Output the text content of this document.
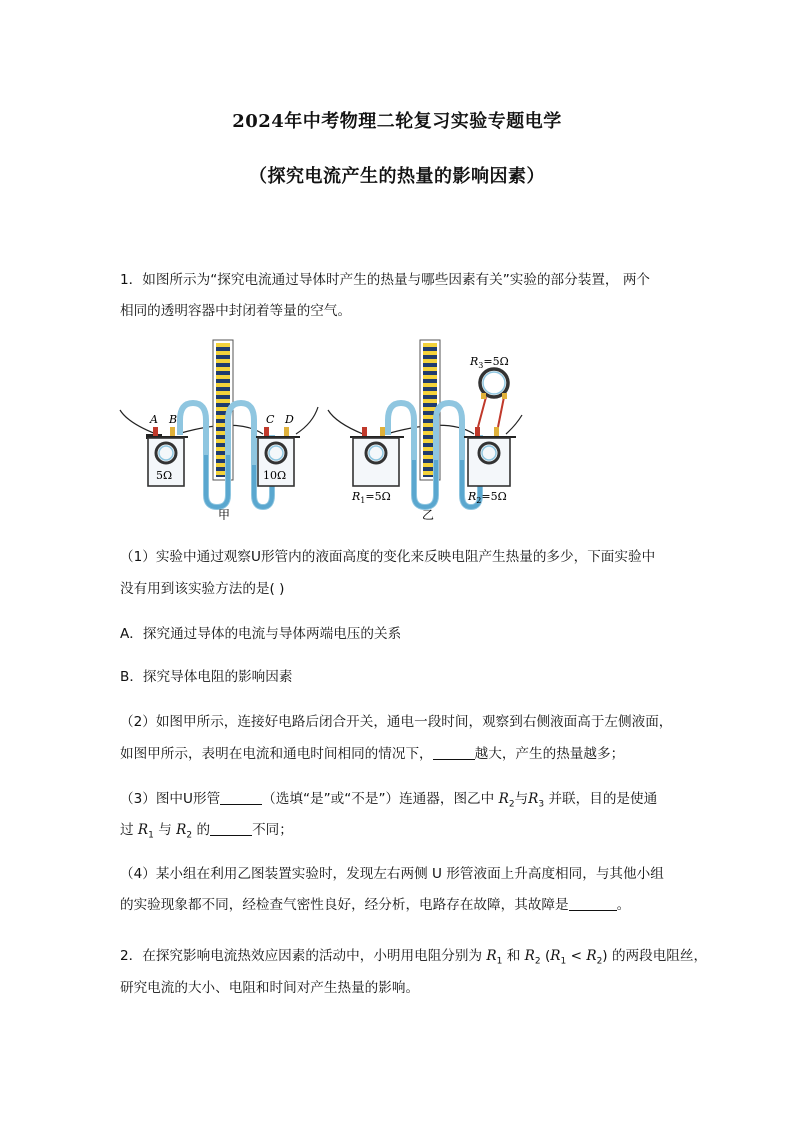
2024年中考物理二轮复习实验专题电学
（探究电流产生的热量的影响因素）
1．如图所示为“探究电流通过导体时产生的热量与哪些因素有关”实验的部分装置， 两个
相同的透明容器中封闭着等量的空气。
A B	C D
5Ω	10Ω
甲
$R_3=5\Omega$
$R_1=5\Omega$	$R_2=5\Omega$
乙
（1）实验中通过观察U形管内的液面高度的变化来反映电阻产生热量的多少，下面实验中
没有用到该实验方法的是( )
A．探究通过导体的电流与导体两端电压的关系
B．探究导体电阻的影响因素
（2）如图甲所示，连接好电路后闭合开关，通电一段时间，观察到右侧液面高于左侧液面，
如图甲所示，表明在电流和通电时间相同的情况下，	越大，产生的热量越多；
（3）图中U形管	（选填“是”或“不是”）连通器，图乙中 $R_2$与$R_3$ 并联，目的是使通
过 $R_1$ 与 $R_2$ 的	不同；
（4）某小组在利用乙图装置实验时，发现左右两侧 U 形管液面上升高度相同，与其他小组
的实验现象都不同，经检查气密性良好，经分析，电路存在故障，其故障是	。
2．在探究影响电流热效应因素的活动中，小明用电阻分别为 $R_1$ 和 $R_2$ $(R_1 < R_2)$ 的两段电阻丝，
研究电流的大小、电阻和时间对产生热量的影响。
